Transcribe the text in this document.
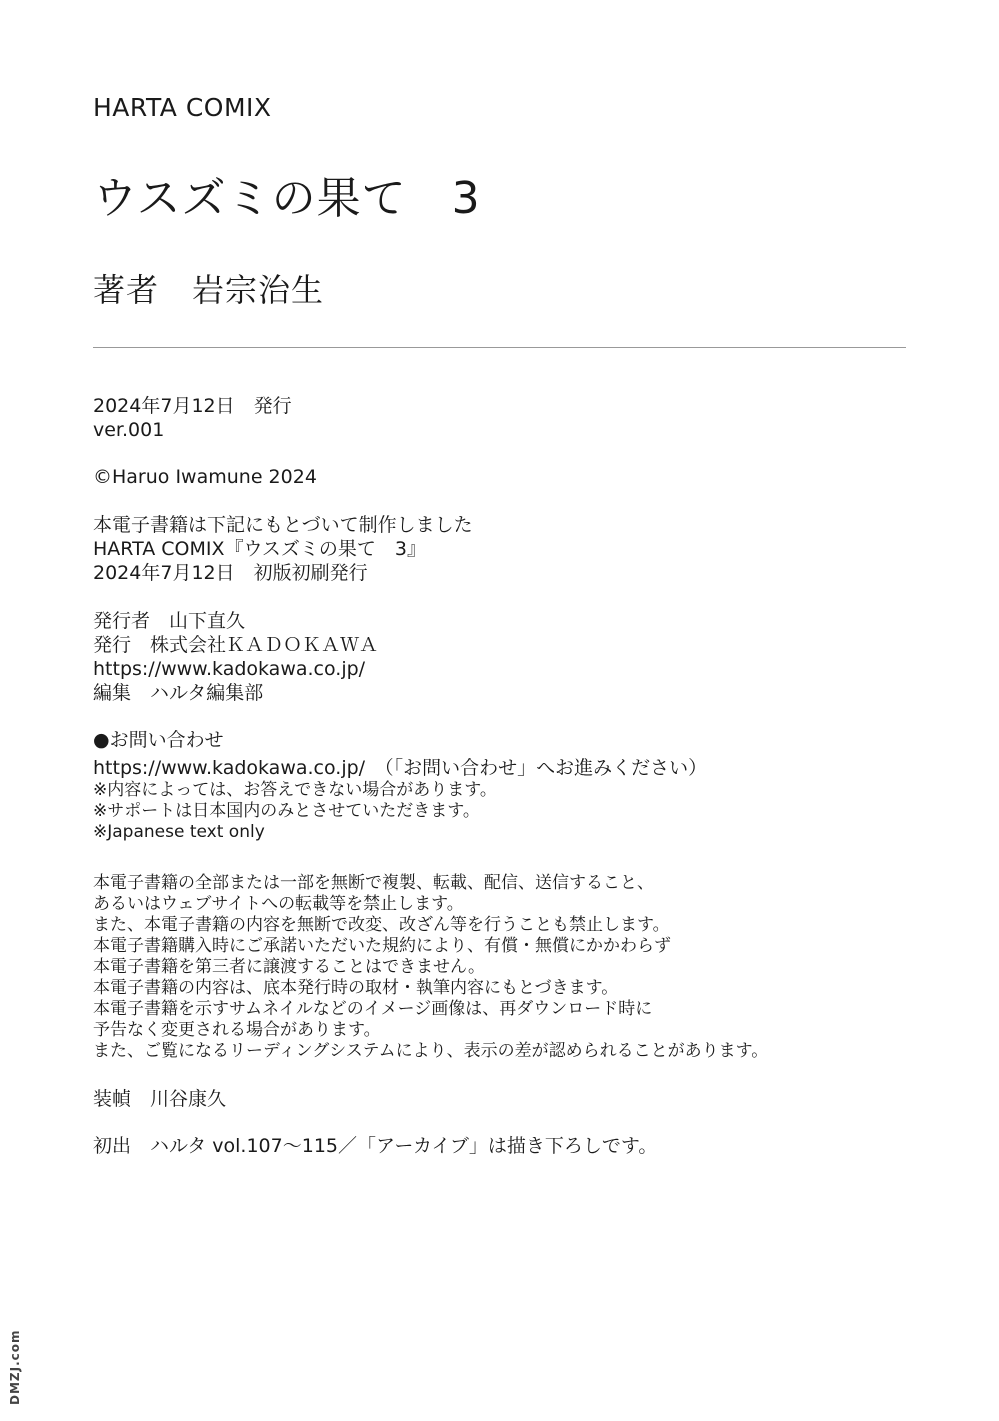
HARTA COMIX
ウスズミの果て　3
著者　岩宗治生
2024年7月12日　発行
ver.001
©Haruo Iwamune 2024
本電子書籍は下記にもとづいて制作しました
HARTA COMIX『ウスズミの果て　3』
2024年7月12日　初版初刷発行
発行者　山下直久
発行　株式会社ＫＡＤＯＫＡＷＡ
https://www.kadokawa.co.jp/
編集　ハルタ編集部
●お問い合わせ
https://www.kadokawa.co.jp/　（「お問い合わせ」へお進みください）
※内容によっては、お答えできない場合があります。
※サポートは日本国内のみとさせていただきます。
※Japanese text only
本電子書籍の全部または一部を無断で複製、転載、配信、送信すること、
あるいはウェブサイトへの転載等を禁止します。
また、本電子書籍の内容を無断で改変、改ざん等を行うことも禁止します。
本電子書籍購入時にご承諾いただいた規約により、有償・無償にかかわらず
本電子書籍を第三者に譲渡することはできません。
本電子書籍の内容は、底本発行時の取材・執筆内容にもとづきます。
本電子書籍を示すサムネイルなどのイメージ画像は、再ダウンロード時に
予告なく変更される場合があります。
また、ご覧になるリーディングシステムにより、表示の差が認められることがあります。
装幀　川谷康久
初出　ハルタ vol.107～115／「アーカイブ」は描き下ろしです。
DMZJ.com
